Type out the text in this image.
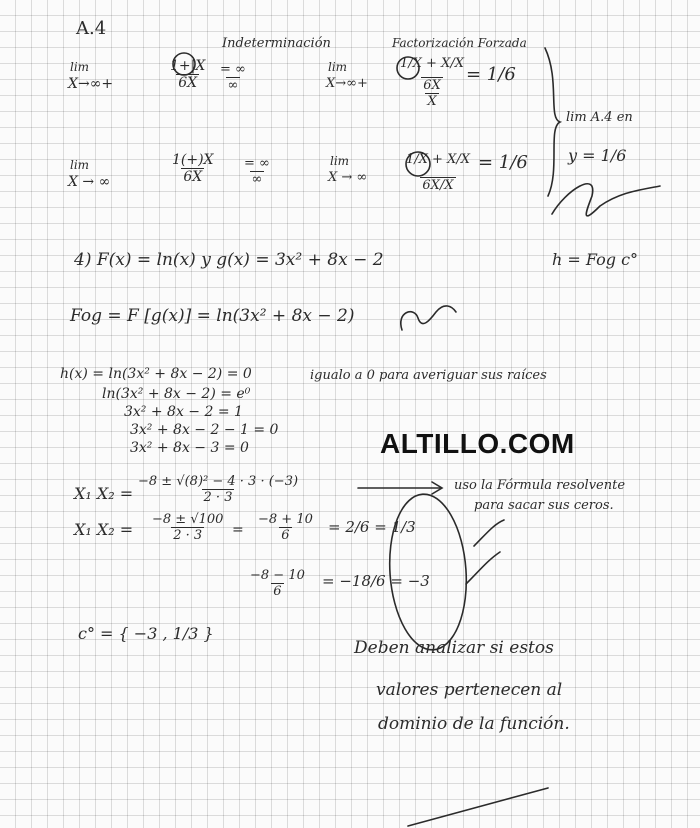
A.4
Indeterminación	Factorización Forzada
lim
X→∞+	$\frac{1+|X}{6X}$ = ∞
∞
lim
X→∞+
1/X + X/X
6X
X
= 1/6
lim
X → ∞	$\frac{1(+)X}{6X}$ = ∞
∞
lim
X → ∞	$\frac{1/X + X/X}{6X/X} = 1/6$
lim A.4 en
y = 1/6
4) F(x) = ln(x) y g(x) = 3x² + 8x − 2	h = Fog c°
Fog = F [g(x)] = ln(3x² + 8x − 2)
h(x) = ln(3x² + 8x − 2) = 0
ln(3x² + 8x − 2) = e⁰
3x² + 8x − 2 = 1
3x² + 8x − 2 − 1 = 0
3x² + 8x − 3 = 0
igualo a 0 para averiguar sus raíces
ALTILLO.COM
X₁ $X_2 = \frac{\text{−8 ± √(8)² − 4 · 3 · (−3)}}{2 \cdot 3}$	uso la Fórmula resolvente
para sacar sus ceros.
X₁ $X_2 = \frac{-8 \pm √100}{2 \cdot 3} = \frac{-8 + 10}{6} = 2/6 = 1/3$
$\frac{-8 - 10}{6} = -18/6 = -3$
c° = { −3 , 1/3 }
Deben analizar si estos
valores pertenecen al
dominio de la función.
